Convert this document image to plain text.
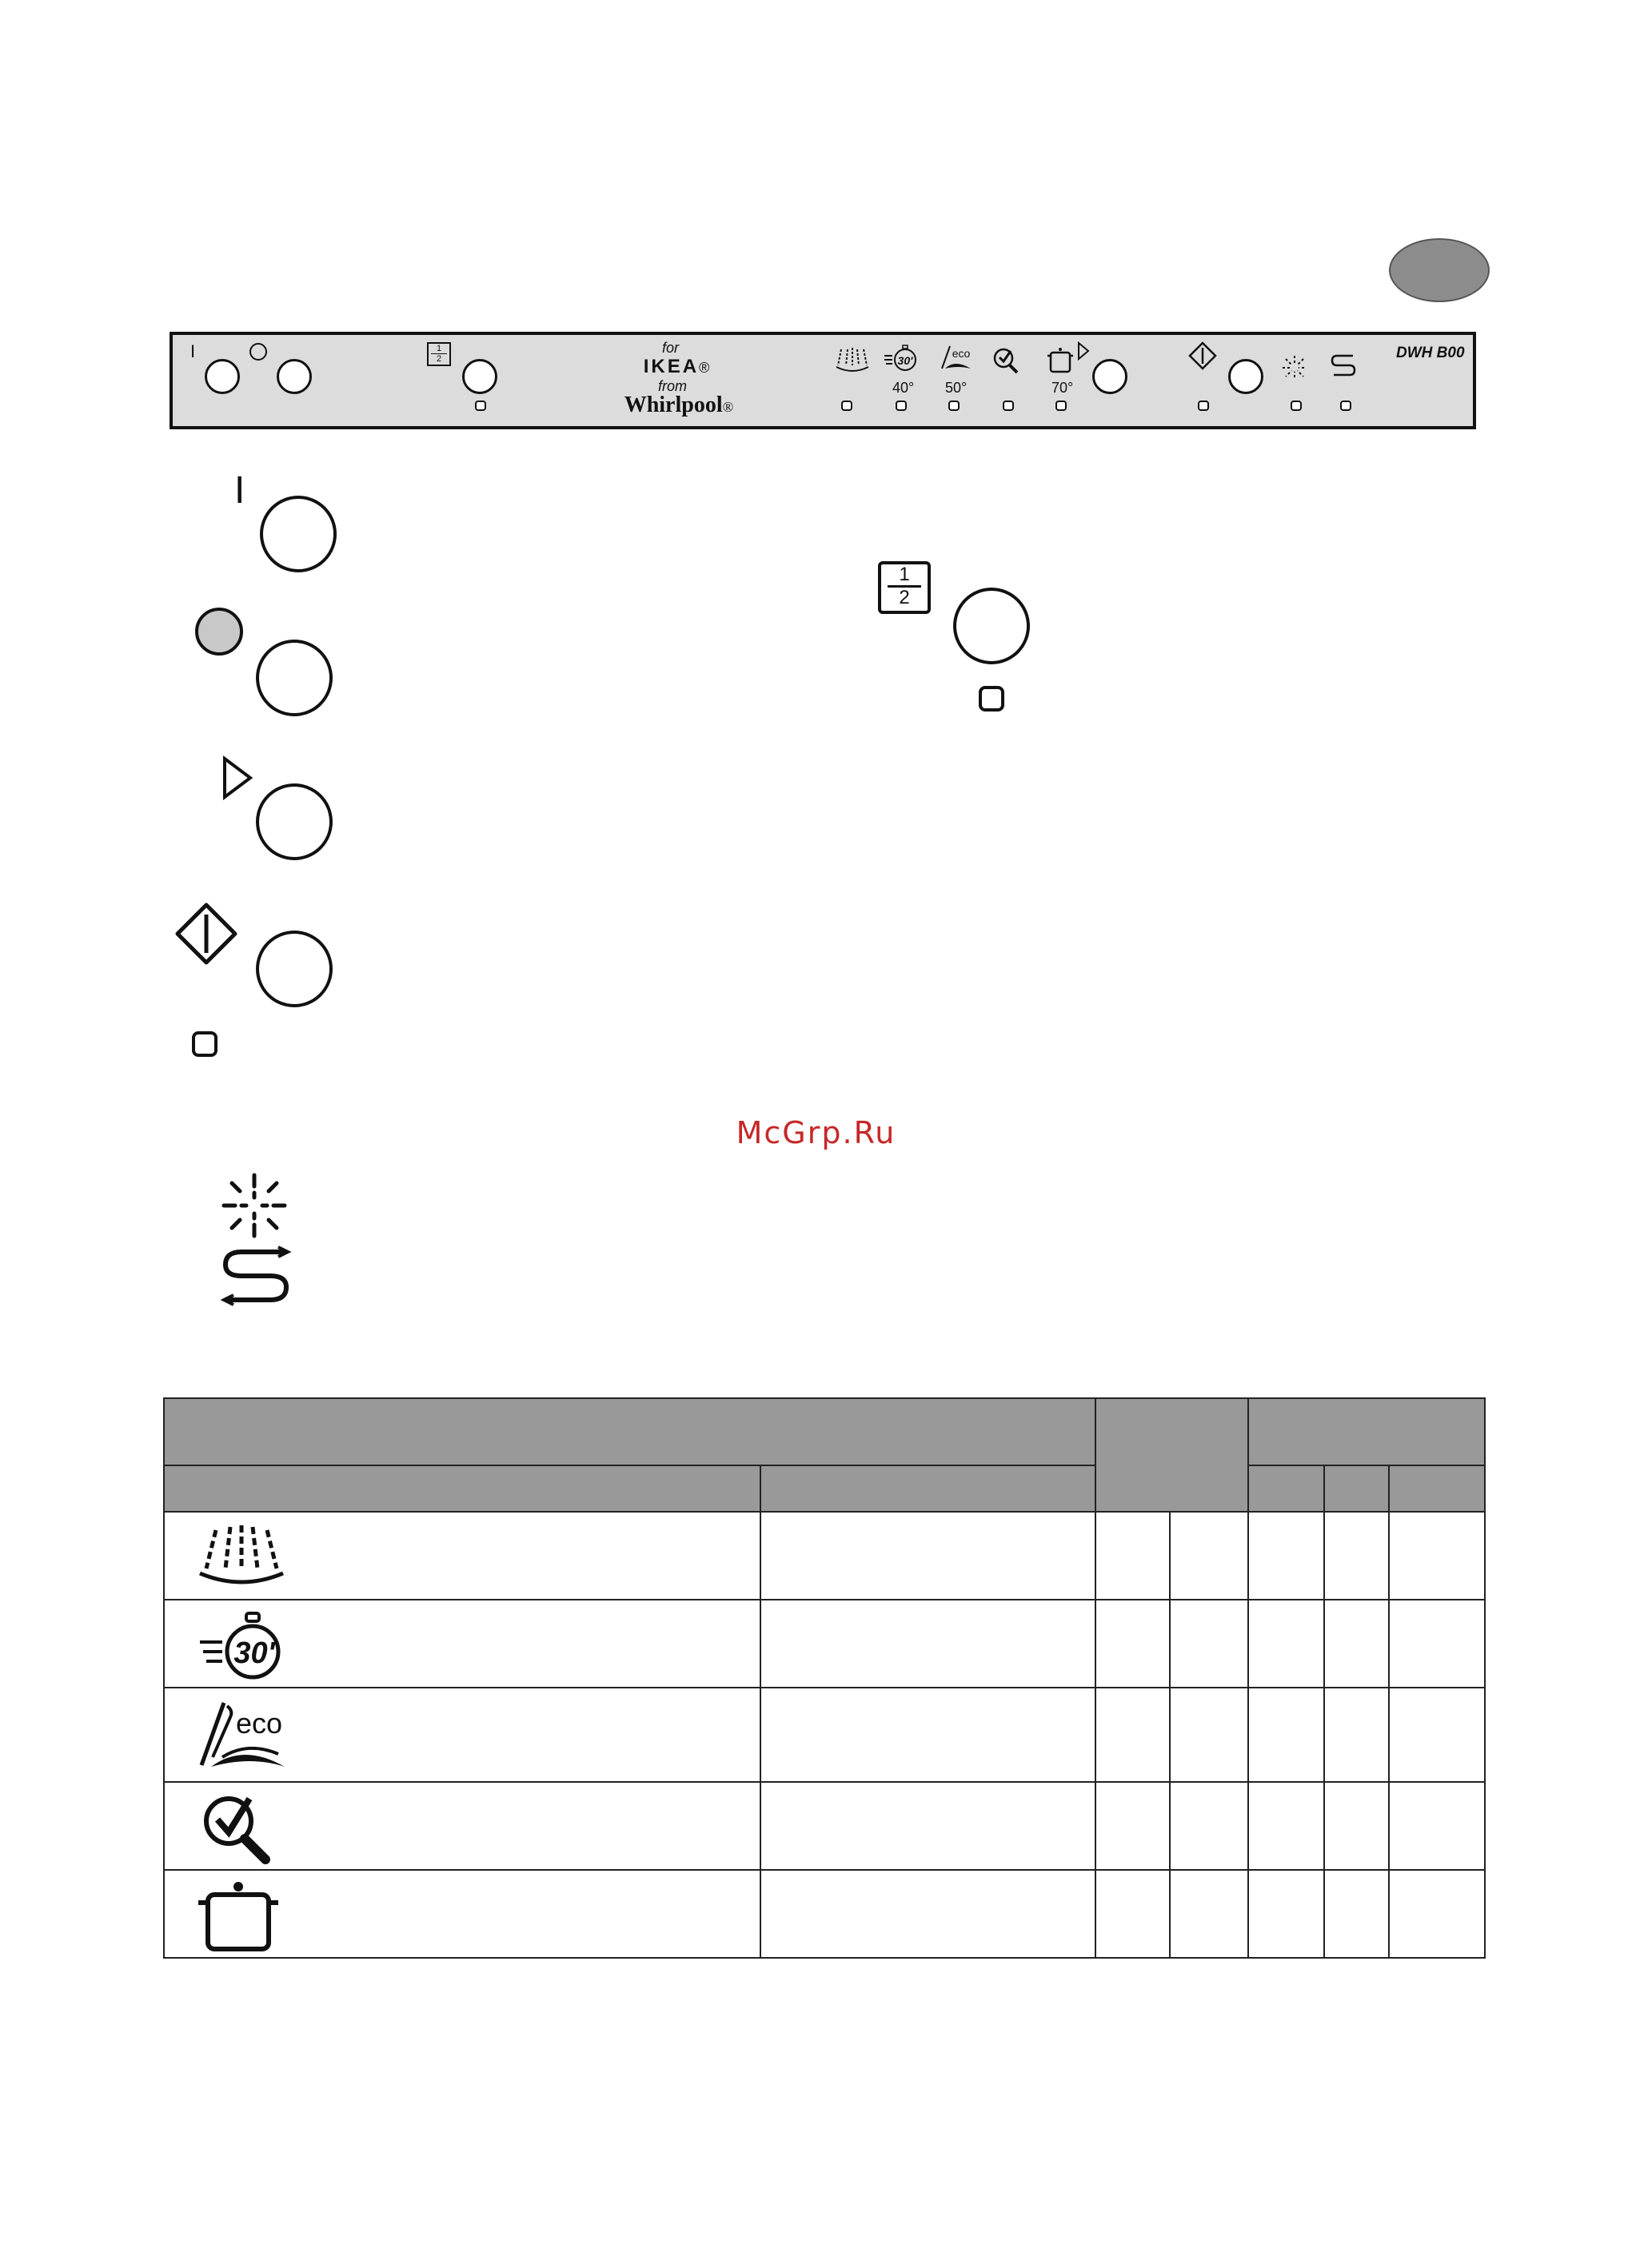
I	1
2
for
IKEA®
from
Whirlpool®
30'
40°
eco
50°	70°
DWH B00
I
1
2
McGrp.Ru

30'						

eco						
